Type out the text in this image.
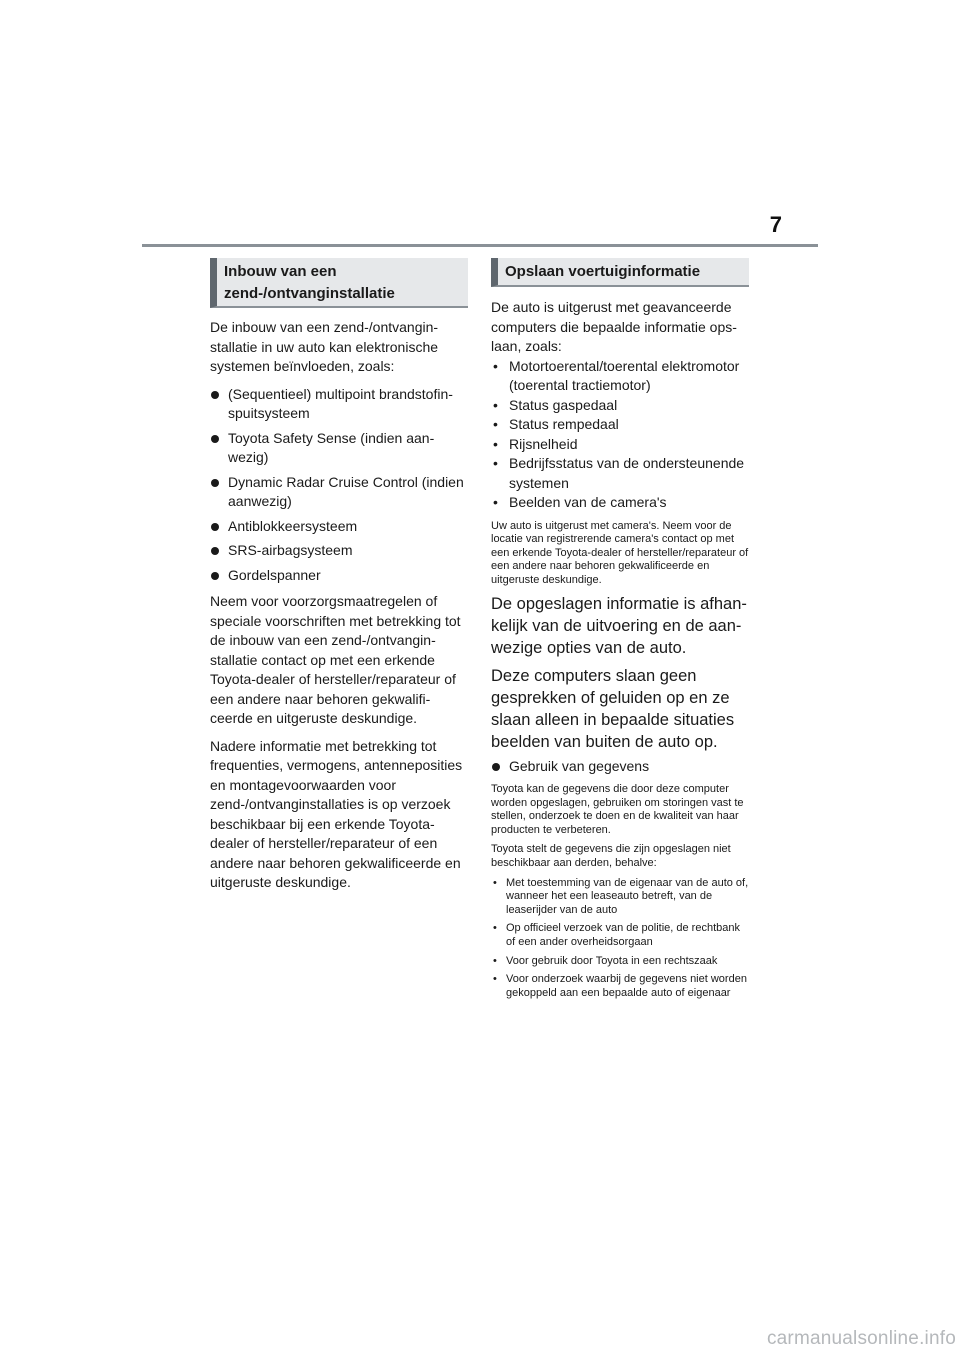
7
Inbouw van een
zend-/ontvanginstallatie

De inbouw van een zend-/ontvanginstallatie in uw auto kan elektronische systemen beïnvloeden, zoals:

(Sequentieel) multipoint brandstofinspuitsysteem
Toyota Safety Sense (indien aanwezig)
Dynamic Radar Cruise Control (indien aanwezig)
Antiblokkeersysteem
SRS-airbagsysteem
Gordelspanner

Neem voor voorzorgsmaatregelen of speciale voorschriften met betrekking tot de inbouw van een zend-/ontvanginstallatie contact op met een erkende Toyota-dealer of hersteller/reparateur of een andere naar behoren gekwalificeerde en uitgeruste deskundige.

Nadere informatie met betrekking tot frequenties, vermogens, antenneposities en montagevoorwaarden voor zend-/ontvanginstallaties is op verzoek beschikbaar bij een erkende Toyota-dealer of hersteller/reparateur of een andere naar behoren gekwalificeerde en uitgeruste deskundige.

Opslaan voertuiginformatie

De auto is uitgerust met geavanceerde computers die bepaalde informatie opslaan, zoals:

• Motortoerental/toerental elektromotor (toerental tractiemotor)
• Status gaspedaal
• Status rempedaal
• Rijsnelheid
• Bedrijfsstatus van de ondersteunende systemen
• Beelden van de camera's

Uw auto is uitgerust met camera's. Neem voor de locatie van registrerende camera's contact op met een erkende Toyota-dealer of hersteller/reparateur of een andere naar behoren gekwalificeerde en uitgeruste deskundige.

De opgeslagen informatie is afhankelijk van de uitvoering en de aanwezige opties van de auto.

Deze computers slaan geen gesprekken of geluiden op en ze slaan alleen in bepaalde situaties beelden van buiten de auto op.

Gebruik van gegevens

Toyota kan de gegevens die door deze computer worden opgeslagen, gebruiken om storingen vast te stellen, onderzoek te doen en de kwaliteit van haar producten te verbeteren.

Toyota stelt de gegevens die zijn opgeslagen niet beschikbaar aan derden, behalve:

• Met toestemming van de eigenaar van de auto of, wanneer het een leaseauto betreft, van de leaserijder van de auto
• Op officieel verzoek van de politie, de rechtbank of een ander overheidsorgaan
• Voor gebruik door Toyota in een rechtszaak
• Voor onderzoek waarbij de gegevens niet worden gekoppeld aan een bepaalde auto of eigenaar
carmanualsonline.info
